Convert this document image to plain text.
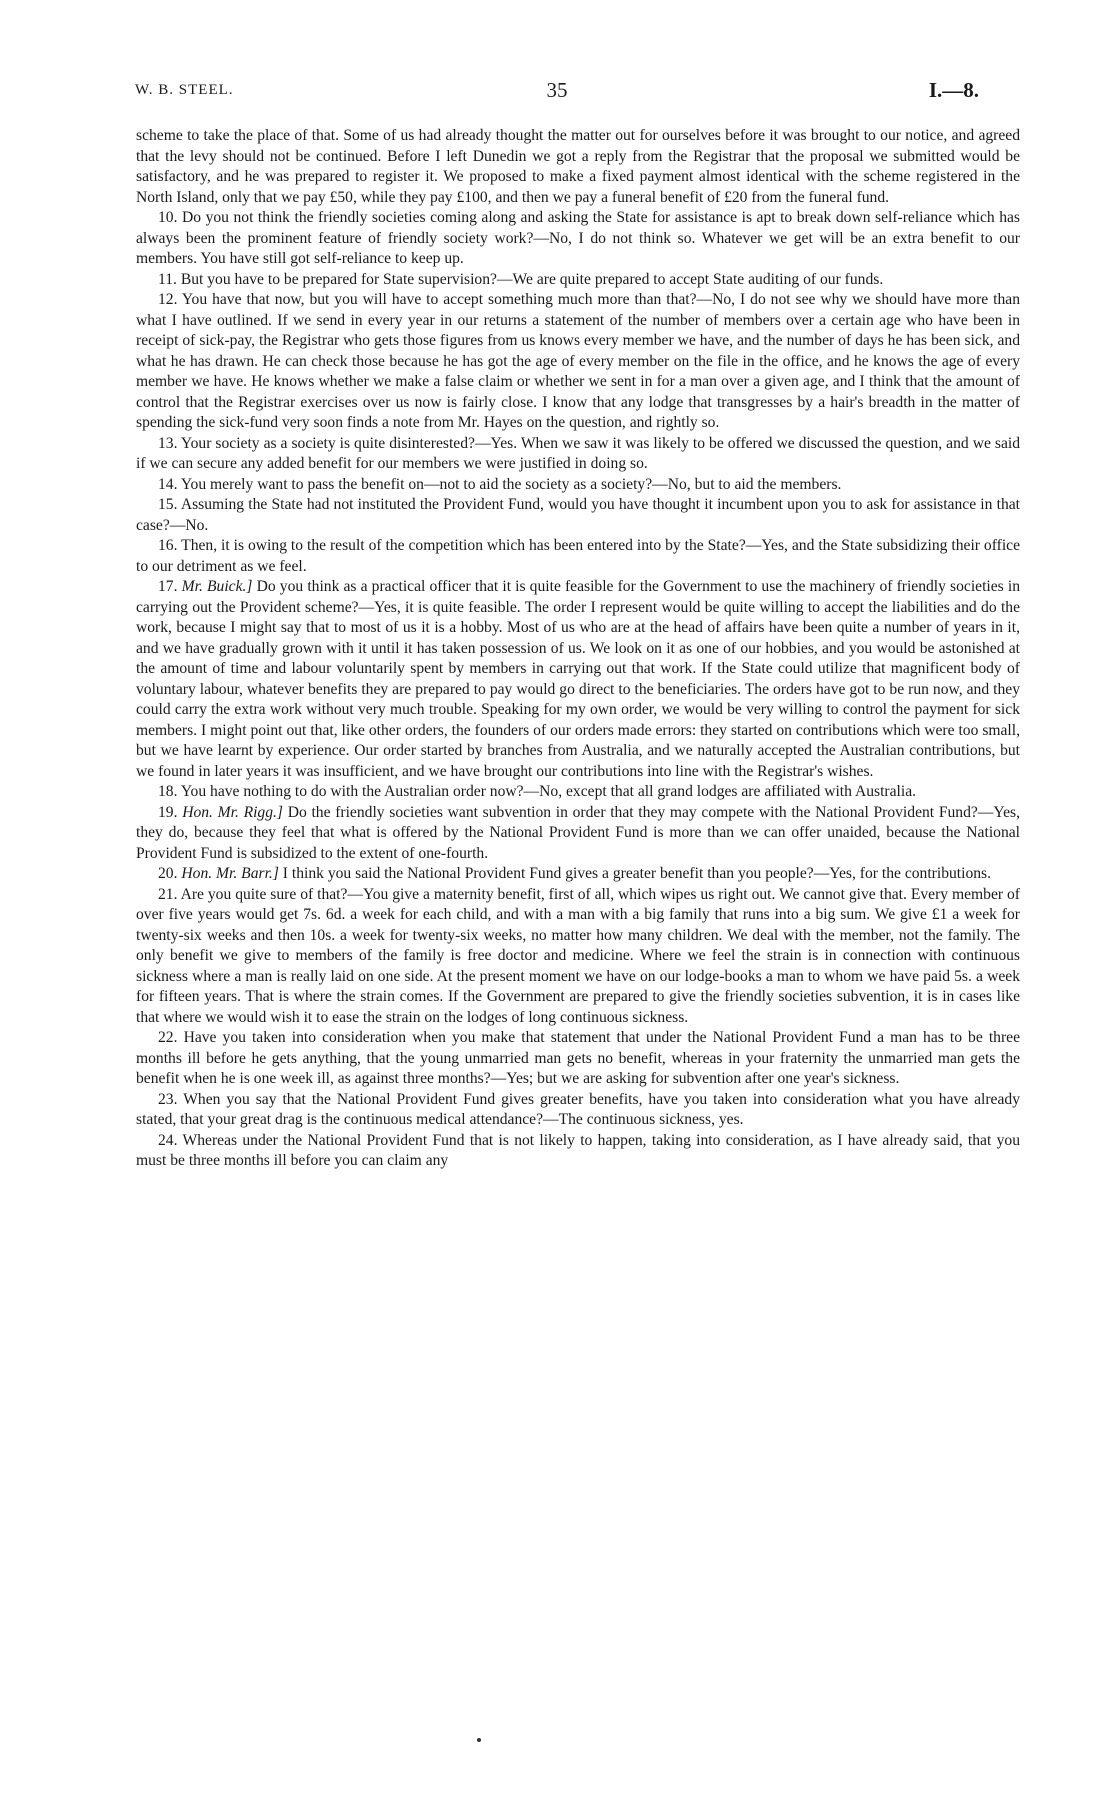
W. B. STEEL.	35	I.—8.

scheme to take the place of that. Some of us had already thought the matter out for ourselves before it was brought to our notice, and agreed that the levy should not be continued. Before I left Dunedin we got a reply from the Registrar that the proposal we submitted would be satisfactory, and he was prepared to register it. We proposed to make a fixed payment almost identical with the scheme registered in the North Island, only that we pay £50, while they pay £100, and then we pay a funeral benefit of £20 from the funeral fund.

10. Do you not think the friendly societies coming along and asking the State for assistance is apt to break down self-reliance which has always been the prominent feature of friendly society work?—No, I do not think so. Whatever we get will be an extra benefit to our members. You have still got self-reliance to keep up.

11. But you have to be prepared for State supervision?—We are quite prepared to accept State auditing of our funds.

12. You have that now, but you will have to accept something much more than that?—No, I do not see why we should have more than what I have outlined. If we send in every year in our returns a statement of the number of members over a certain age who have been in receipt of sick-pay, the Registrar who gets those figures from us knows every member we have, and the number of days he has been sick, and what he has drawn. He can check those because he has got the age of every member on the file in the office, and he knows the age of every member we have. He knows whether we make a false claim or whether we sent in for a man over a given age, and I think that the amount of control that the Registrar exercises over us now is fairly close. I know that any lodge that transgresses by a hair's breadth in the matter of spending the sick-fund very soon finds a note from Mr. Hayes on the question, and rightly so.

13. Your society as a society is quite disinterested?—Yes. When we saw it was likely to be offered we discussed the question, and we said if we can secure any added benefit for our members we were justified in doing so.

14. You merely want to pass the benefit on—not to aid the society as a society?—No, but to aid the members.

15. Assuming the State had not instituted the Provident Fund, would you have thought it incumbent upon you to ask for assistance in that case?—No.

16. Then, it is owing to the result of the competition which has been entered into by the State?—Yes, and the State subsidizing their office to our detriment as we feel.

17. Mr. Buick.] Do you think as a practical officer that it is quite feasible for the Government to use the machinery of friendly societies in carrying out the Provident scheme?—Yes, it is quite feasible. The order I represent would be quite willing to accept the liabilities and do the work, because I might say that to most of us it is a hobby. Most of us who are at the head of affairs have been quite a number of years in it, and we have gradually grown with it until it has taken possession of us. We look on it as one of our hobbies, and you would be astonished at the amount of time and labour voluntarily spent by members in carrying out that work. If the State could utilize that magnificent body of voluntary labour, whatever benefits they are prepared to pay would go direct to the beneficiaries. The orders have got to be run now, and they could carry the extra work without very much trouble. Speaking for my own order, we would be very willing to control the payment for sick members. I might point out that, like other orders, the founders of our orders made errors: they started on contributions which were too small, but we have learnt by experience. Our order started by branches from Australia, and we naturally accepted the Australian contributions, but we found in later years it was insufficient, and we have brought our contributions into line with the Registrar's wishes.

18. You have nothing to do with the Australian order now?—No, except that all grand lodges are affiliated with Australia.

19. Hon. Mr. Rigg.] Do the friendly societies want subvention in order that they may compete with the National Provident Fund?—Yes, they do, because they feel that what is offered by the National Provident Fund is more than we can offer unaided, because the National Provident Fund is subsidized to the extent of one-fourth.

20. Hon. Mr. Barr.] I think you said the National Provident Fund gives a greater benefit than you people?—Yes, for the contributions.

21. Are you quite sure of that?—You give a maternity benefit, first of all, which wipes us right out. We cannot give that. Every member of over five years would get 7s. 6d. a week for each child, and with a man with a big family that runs into a big sum. We give £1 a week for twenty-six weeks and then 10s. a week for twenty-six weeks, no matter how many children. We deal with the member, not the family. The only benefit we give to members of the family is free doctor and medicine. Where we feel the strain is in connection with continuous sickness where a man is really laid on one side. At the present moment we have on our lodge-books a man to whom we have paid 5s. a week for fifteen years. That is where the strain comes. If the Government are prepared to give the friendly societies subvention, it is in cases like that where we would wish it to ease the strain on the lodges of long continuous sickness.

22. Have you taken into consideration when you make that statement that under the National Provident Fund a man has to be three months ill before he gets anything, that the young unmarried man gets no benefit, whereas in your fraternity the unmarried man gets the benefit when he is one week ill, as against three months?—Yes; but we are asking for subvention after one year's sickness.

23. When you say that the National Provident Fund gives greater benefits, have you taken into consideration what you have already stated, that your great drag is the continuous medical attendance?—The continuous sickness, yes.

24. Whereas under the National Provident Fund that is not likely to happen, taking into consideration, as I have already said, that you must be three months ill before you can claim any
